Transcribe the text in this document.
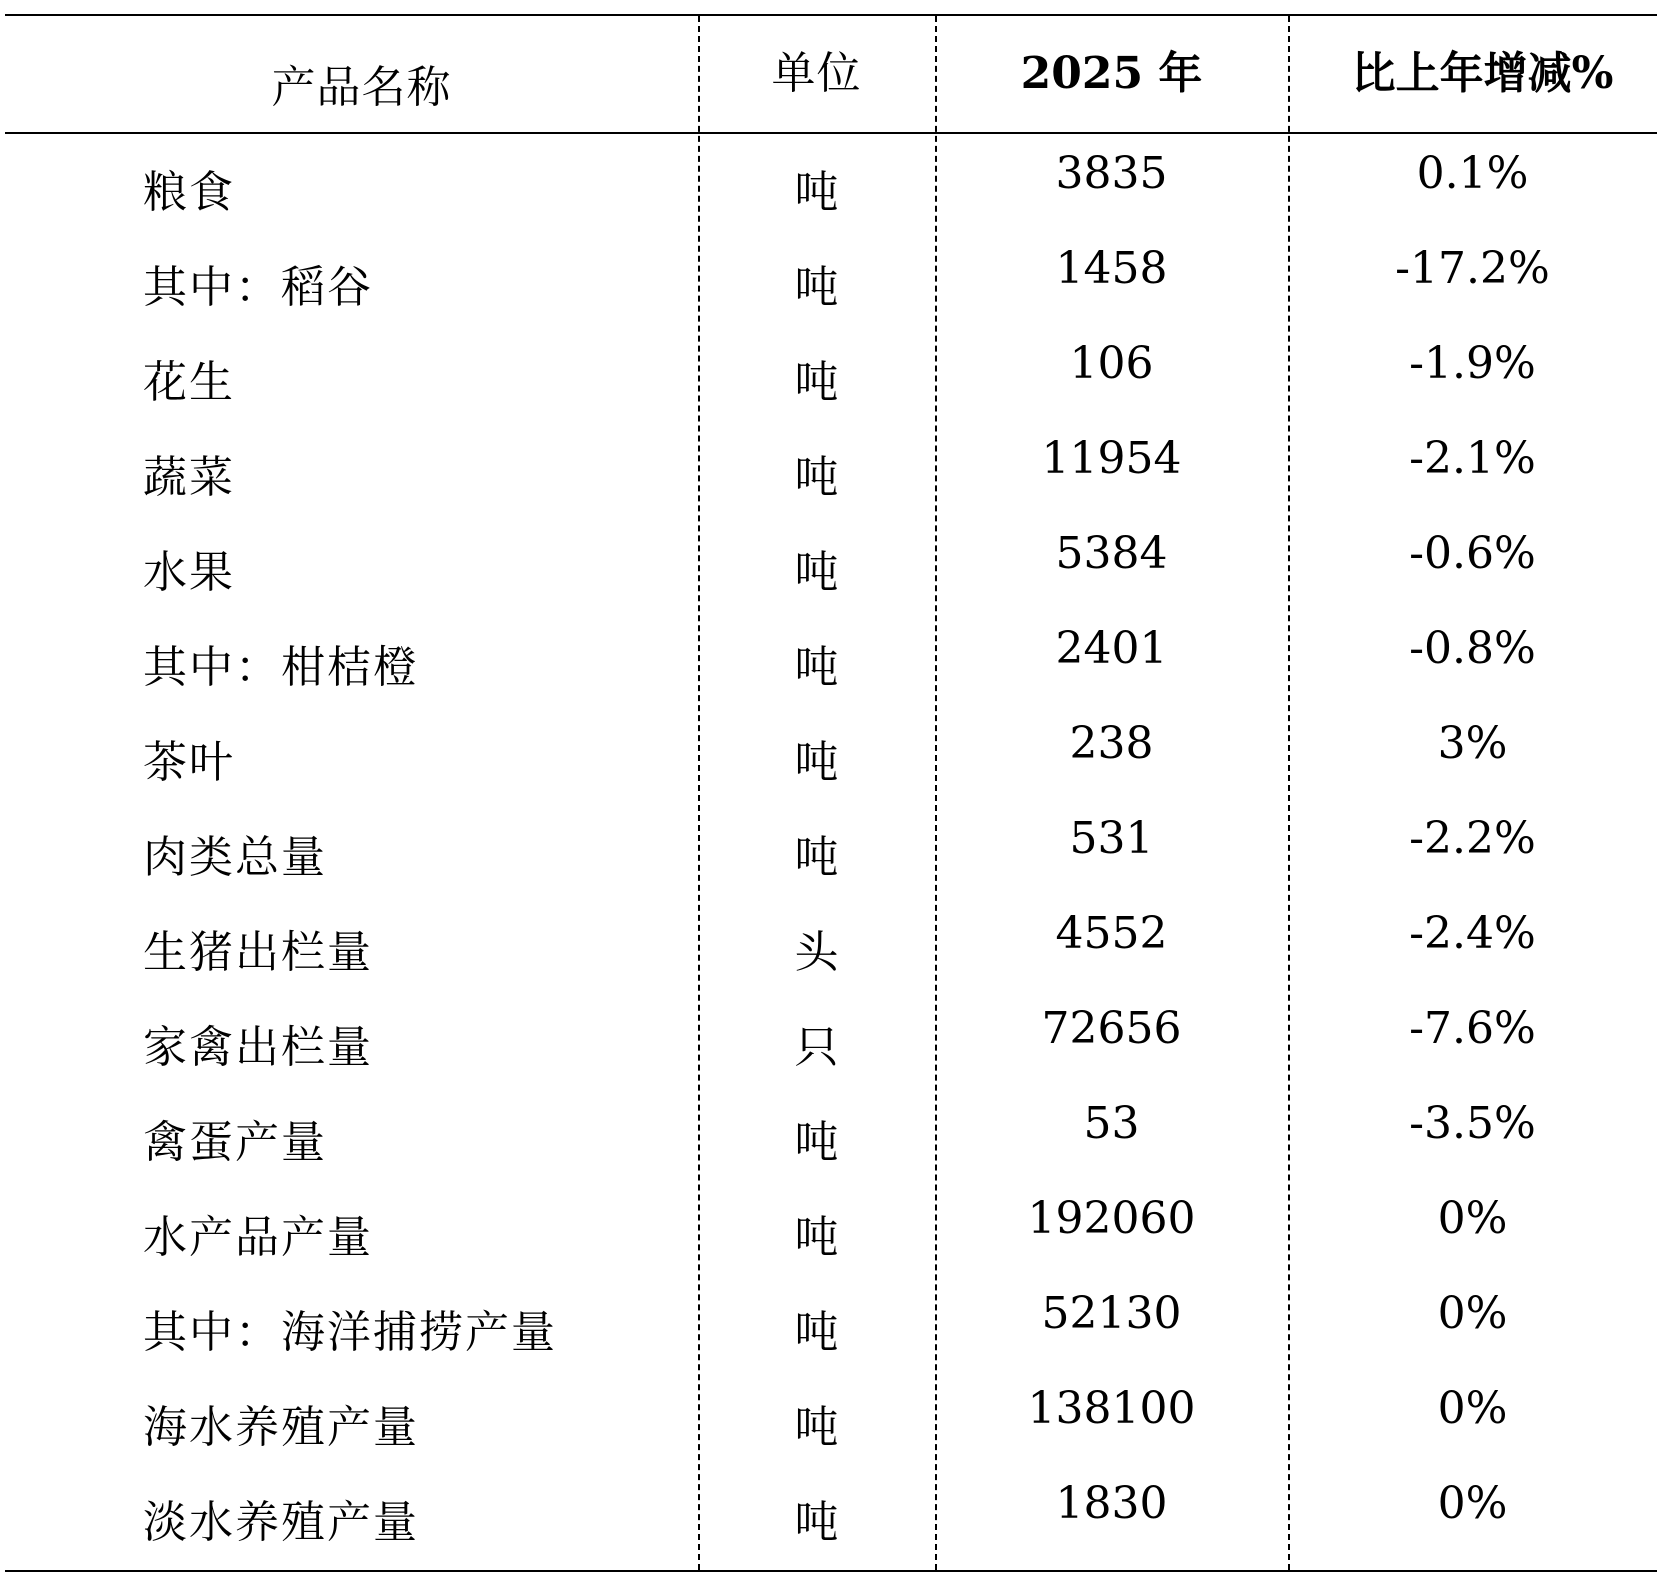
产品名称	单位	2025 年	比上年增减%
粮食	吨	3835	0.1%
其中：稻谷	吨	1458	-17.2%
花生	吨	106	-1.9%
蔬菜	吨	11954	-2.1%
水果	吨	5384	-0.6%
其中：柑桔橙	吨	2401	-0.8%
茶叶	吨	238	3%
肉类总量	吨	531	-2.2%
生猪出栏量	头	4552	-2.4%
家禽出栏量	只	72656	-7.6%
禽蛋产量	吨	53	-3.5%
水产品产量	吨	192060	0%
其中：海洋捕捞产量	吨	52130	0%
海水养殖产量	吨	138100	0%
淡水养殖产量	吨	1830	0%
